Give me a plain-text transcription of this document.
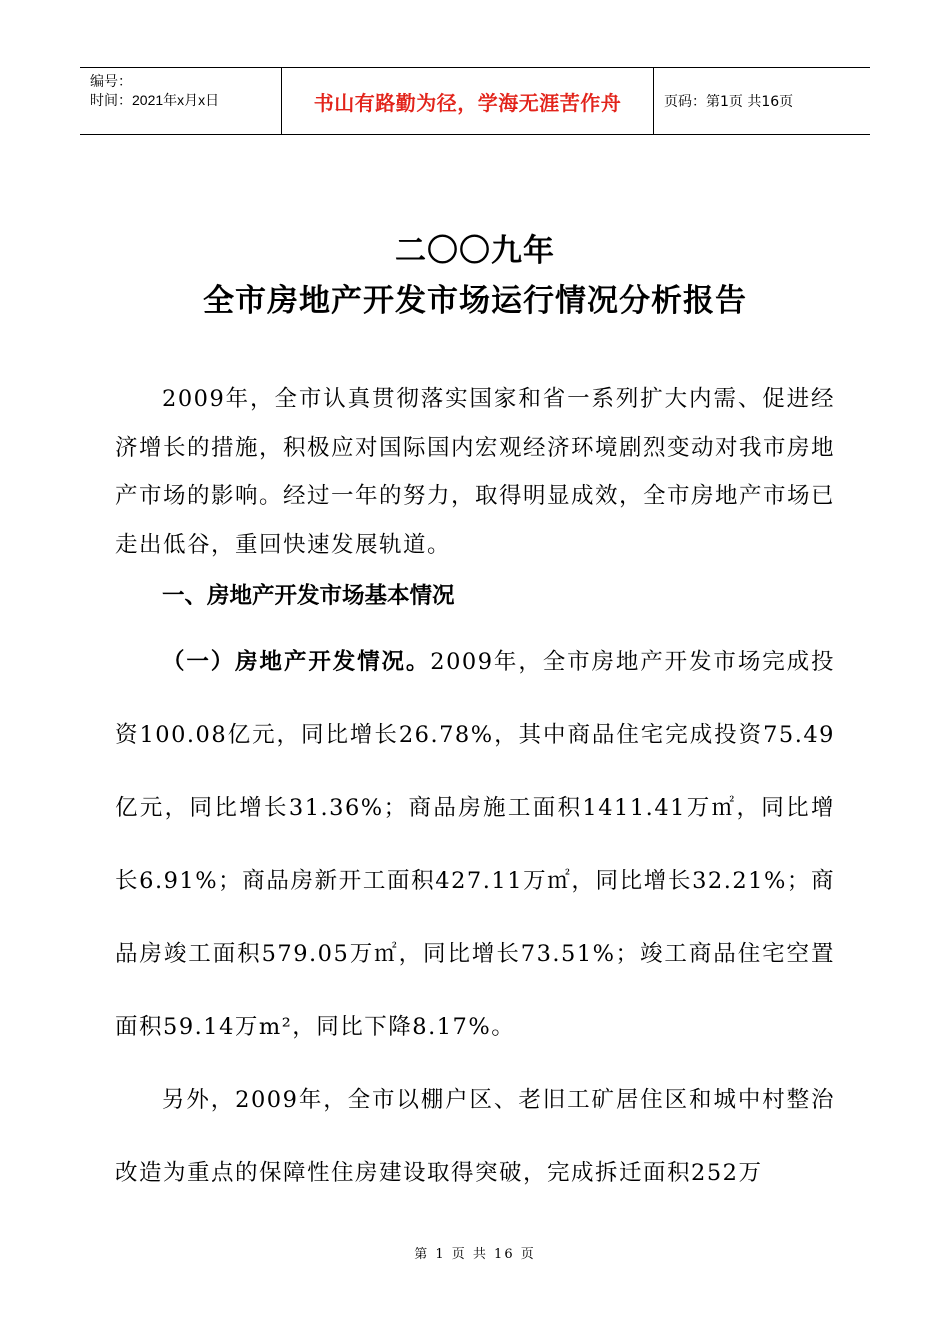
编号：
时间：2021年x月x日	书山有路勤为径，学海无涯苦作舟	页码：第1页 共16页
二〇〇九年
全市房地产开发市场运行情况分析报告
2009年，全市认真贯彻落实国家和省一系列扩大内需、促进经济增长的措施，积极应对国际国内宏观经济环境剧烈变动对我市房地产市场的影响。经过一年的努力，取得明显成效，全市房地产市场已走出低谷，重回快速发展轨道。
一、房地产开发市场基本情况
（一）房地产开发情况。2009年，全市房地产开发市场完成投资100.08亿元，同比增长26.78%，其中商品住宅完成投资75.49亿元，同比增长31.36%；商品房施工面积1411.41万㎡，同比增长6.91%；商品房新开工面积427.11万㎡，同比增长32.21%；商品房竣工面积579.05万㎡，同比增长73.51%；竣工商品住宅空置面积59.14万m²，同比下降8.17%。
另外，2009年，全市以棚户区、老旧工矿居住区和城中村整治改造为重点的保障性住房建设取得突破，完成拆迁面积252万
第 1 页 共 16 页
